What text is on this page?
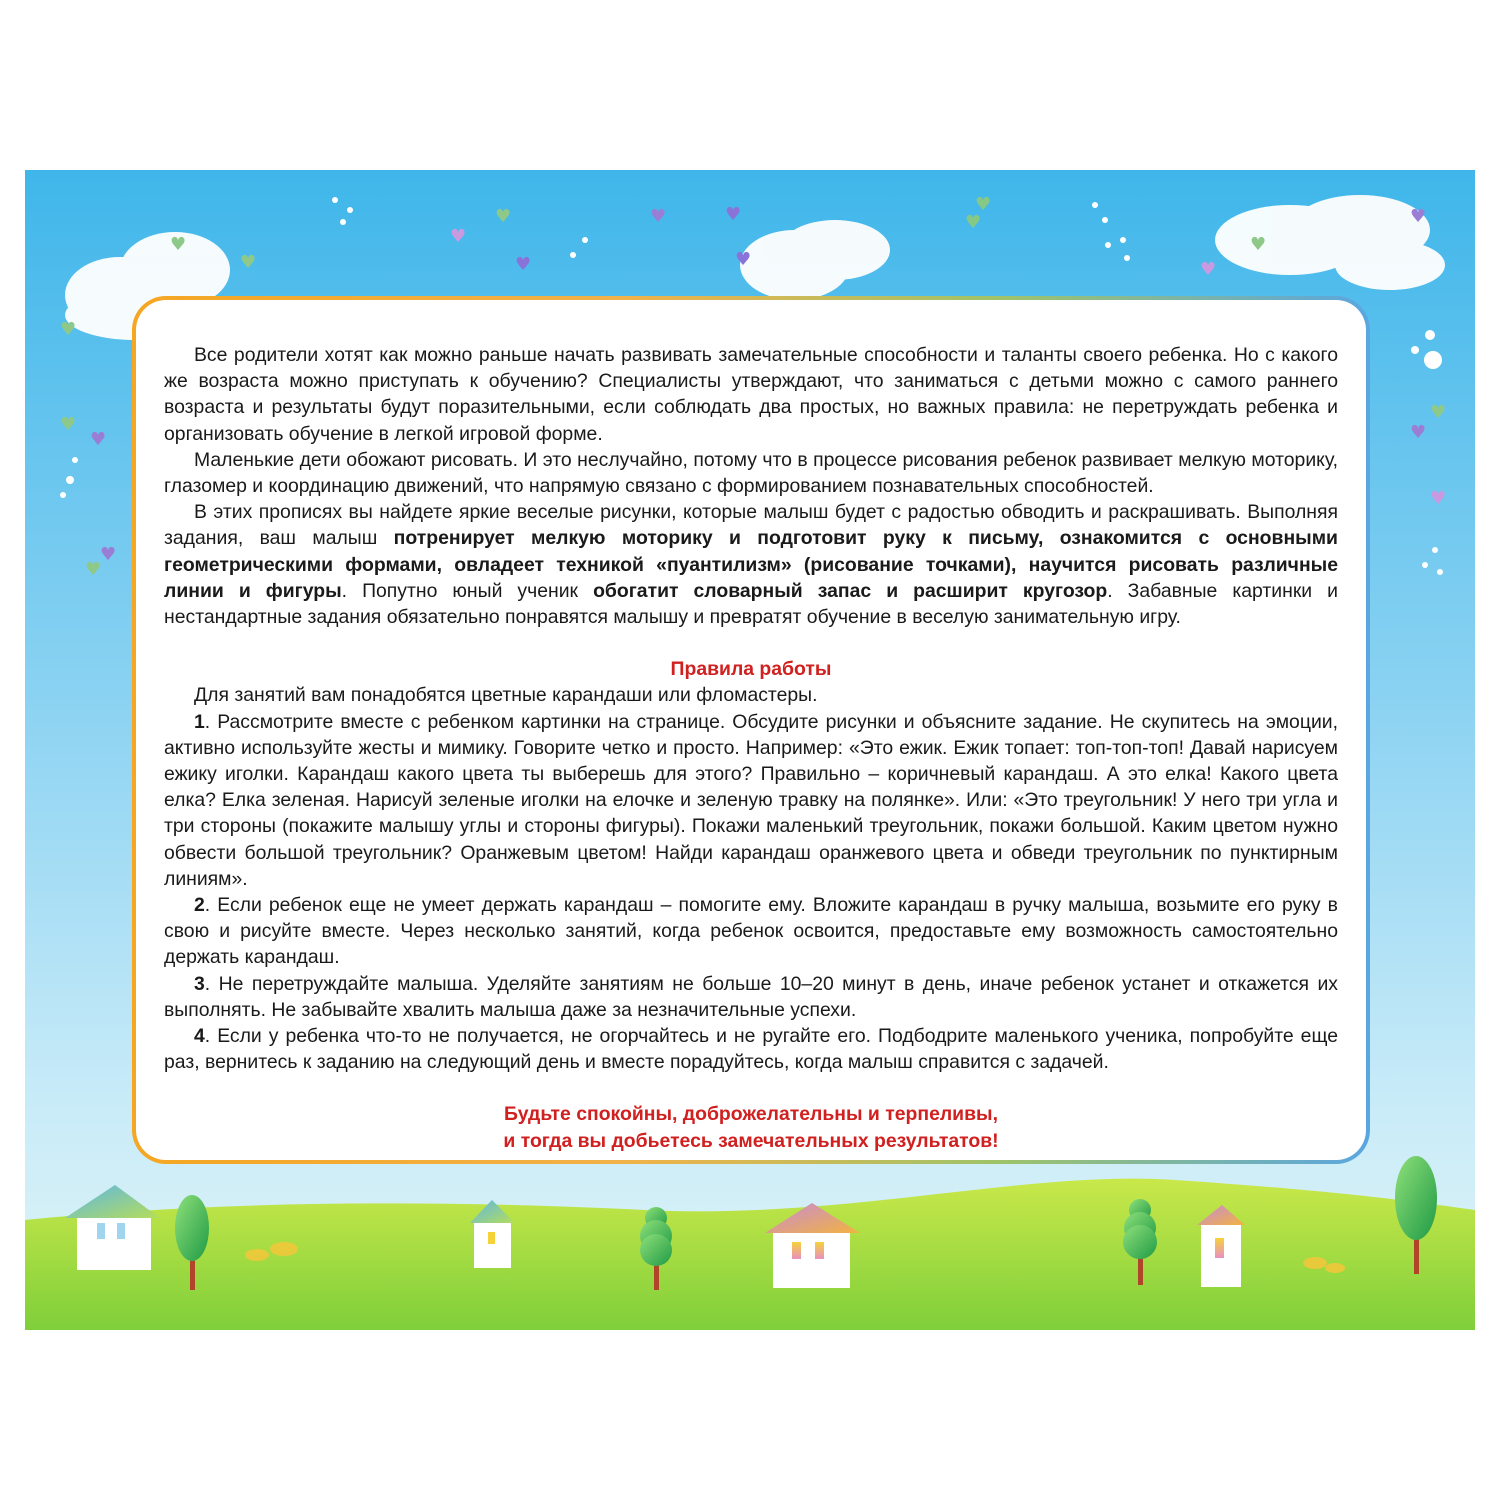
♥	♥	♥	♥
♥
♥
♥
♥
♥
♥	♥	♥
♥
♥
♥
♥
♥
♥
♥
♥
♥

Все родители хотят как можно раньше начать развивать замечательные способности и таланты своего ребенка. Но с какого же возраста можно приступать к обучению? Специалисты утверждают, что заниматься с детьми можно с самого раннего возраста и результаты будут поразительными, если соблюдать два простых, но важных правила: не перетруждать ребенка и организовать обучение в легкой игровой форме.

Маленькие дети обожают рисовать. И это неслучайно, потому что в процессе рисования ребенок развивает мелкую моторику, глазомер и координацию движений, что напрямую связано с формированием познавательных способностей.

В этих прописях вы найдете яркие веселые рисунки, которые малыш будет с радостью обводить и раскрашивать. Выполняя задания, ваш малыш потренирует мелкую моторику и подготовит руку к письму, ознакомится с основными геометрическими формами, овладеет техникой «пуантилизм» (рисование точками), научится рисовать различные линии и фигуры. Попутно юный ученик обогатит словарный запас и расширит кругозор. Забавные картинки и нестандартные задания обязательно понравятся малышу и превратят обучение в веселую занимательную игру.

Правила работы

Для занятий вам понадобятся цветные карандаши или фломастеры.

1. Рассмотрите вместе с ребенком картинки на странице. Обсудите рисунки и объясните задание. Не скупитесь на эмоции, активно используйте жесты и мимику. Говорите четко и просто. Например: «Это ежик. Ежик топает: топ-топ-топ! Давай нарисуем ежику иголки. Карандаш какого цвета ты выберешь для этого? Правильно – коричневый карандаш. А это елка! Какого цвета елка? Елка зеленая. Нарисуй зеленые иголки на елочке и зеленую травку на полянке». Или: «Это треугольник! У него три угла и три стороны (покажите малышу углы и стороны фигуры). Покажи маленький треугольник, покажи большой. Каким цветом нужно обвести большой треугольник? Оранжевым цветом! Найди карандаш оранжевого цвета и обведи треугольник по пунктирным линиям».

2. Если ребенок еще не умеет держать карандаш – помогите ему. Вложите карандаш в ручку малыша, возьмите его руку в свою и рисуйте вместе. Через несколько занятий, когда ребенок освоится, предоставьте ему возможность самостоятельно держать карандаш.

3. Не перетруждайте малыша. Уделяйте занятиям не больше 10–20 минут в день, иначе ребенок устанет и откажется их выполнять. Не забывайте хвалить малыша даже за незначительные успехи.

4. Если у ребенка что-то не получается, не огорчайтесь и не ругайте его. Подбодрите маленького ученика, попробуйте еще раз, вернитесь к заданию на следующий день и вместе порадуйтесь, когда малыш справится с задачей.

Будьте спокойны, доброжелательны и терпеливы,

и тогда вы добьетесь замечательных результатов!
